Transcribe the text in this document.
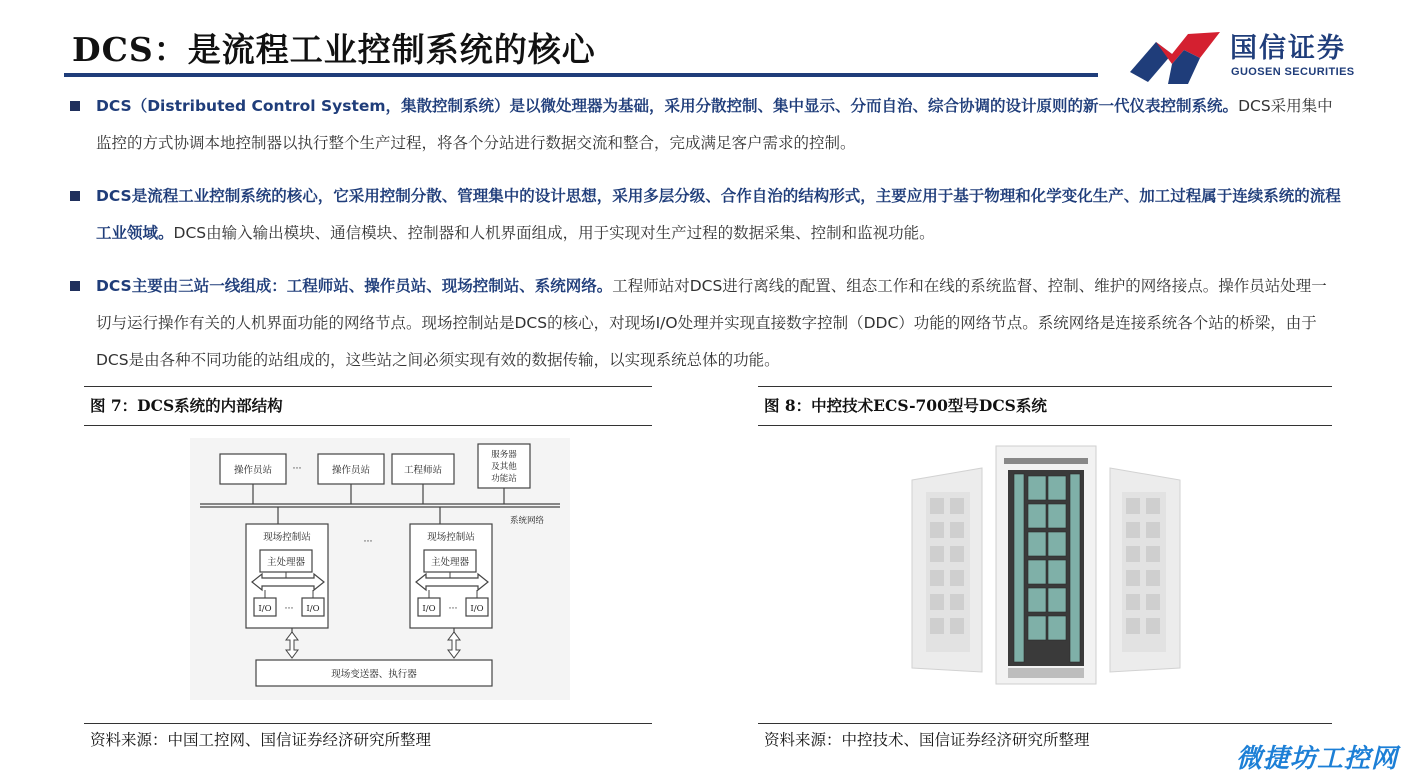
DCS：是流程工业控制系统的核心	国信证券
GUOSEN SECURITIES
DCS（Distributed Control System，集散控制系统）是以微处理器为基础，采用分散控制、集中显示、分而自治、综合协调的设计原则的新一代仪表控制系统。DCS采用集中监控的方式协调本地控制器以执行整个生产过程，将各个分站进行数据交流和整合，完成满足客户需求的控制。
DCS是流程工业控制系统的核心，它采用控制分散、管理集中的设计思想，采用多层分级、合作自治的结构形式，主要应用于基于物理和化学变化生产、加工过程属于连续系统的流程工业领域。DCS由输入输出模块、通信模块、控制器和人机界面组成，用于实现对生产过程的数据采集、控制和监视功能。
DCS主要由三站一线组成：工程师站、操作员站、现场控制站、系统网络。工程师站对DCS进行离线的配置、组态工作和在线的系统监督、控制、维护的网络接点。操作员站处理一切与运行操作有关的人机界面功能的网络节点。现场控制站是DCS的核心，对现场I/O处理并实现直接数字控制（DDC）功能的网络节点。系统网络是连接系统各个站的桥梁，由于DCS是由各种不同功能的站组成的，这些站之间必须实现有效的数据传输，以实现系统总体的功能。
图 7：DCS系统的内部结构
操作员站 ···	操作员站	工程师站
服务器
及其他
功能站
系统网络
现场控制站	现场控制站
主处理器	主处理器
···
I/O ··· I/O	I/O ··· I/O
现场变送器、执行器
资料来源：中国工控网、国信证券经济研究所整理
图 8：中控技术ECS-700型号DCS系统
资料来源：中控技术、国信证券经济研究所整理
微捷坊工控网
